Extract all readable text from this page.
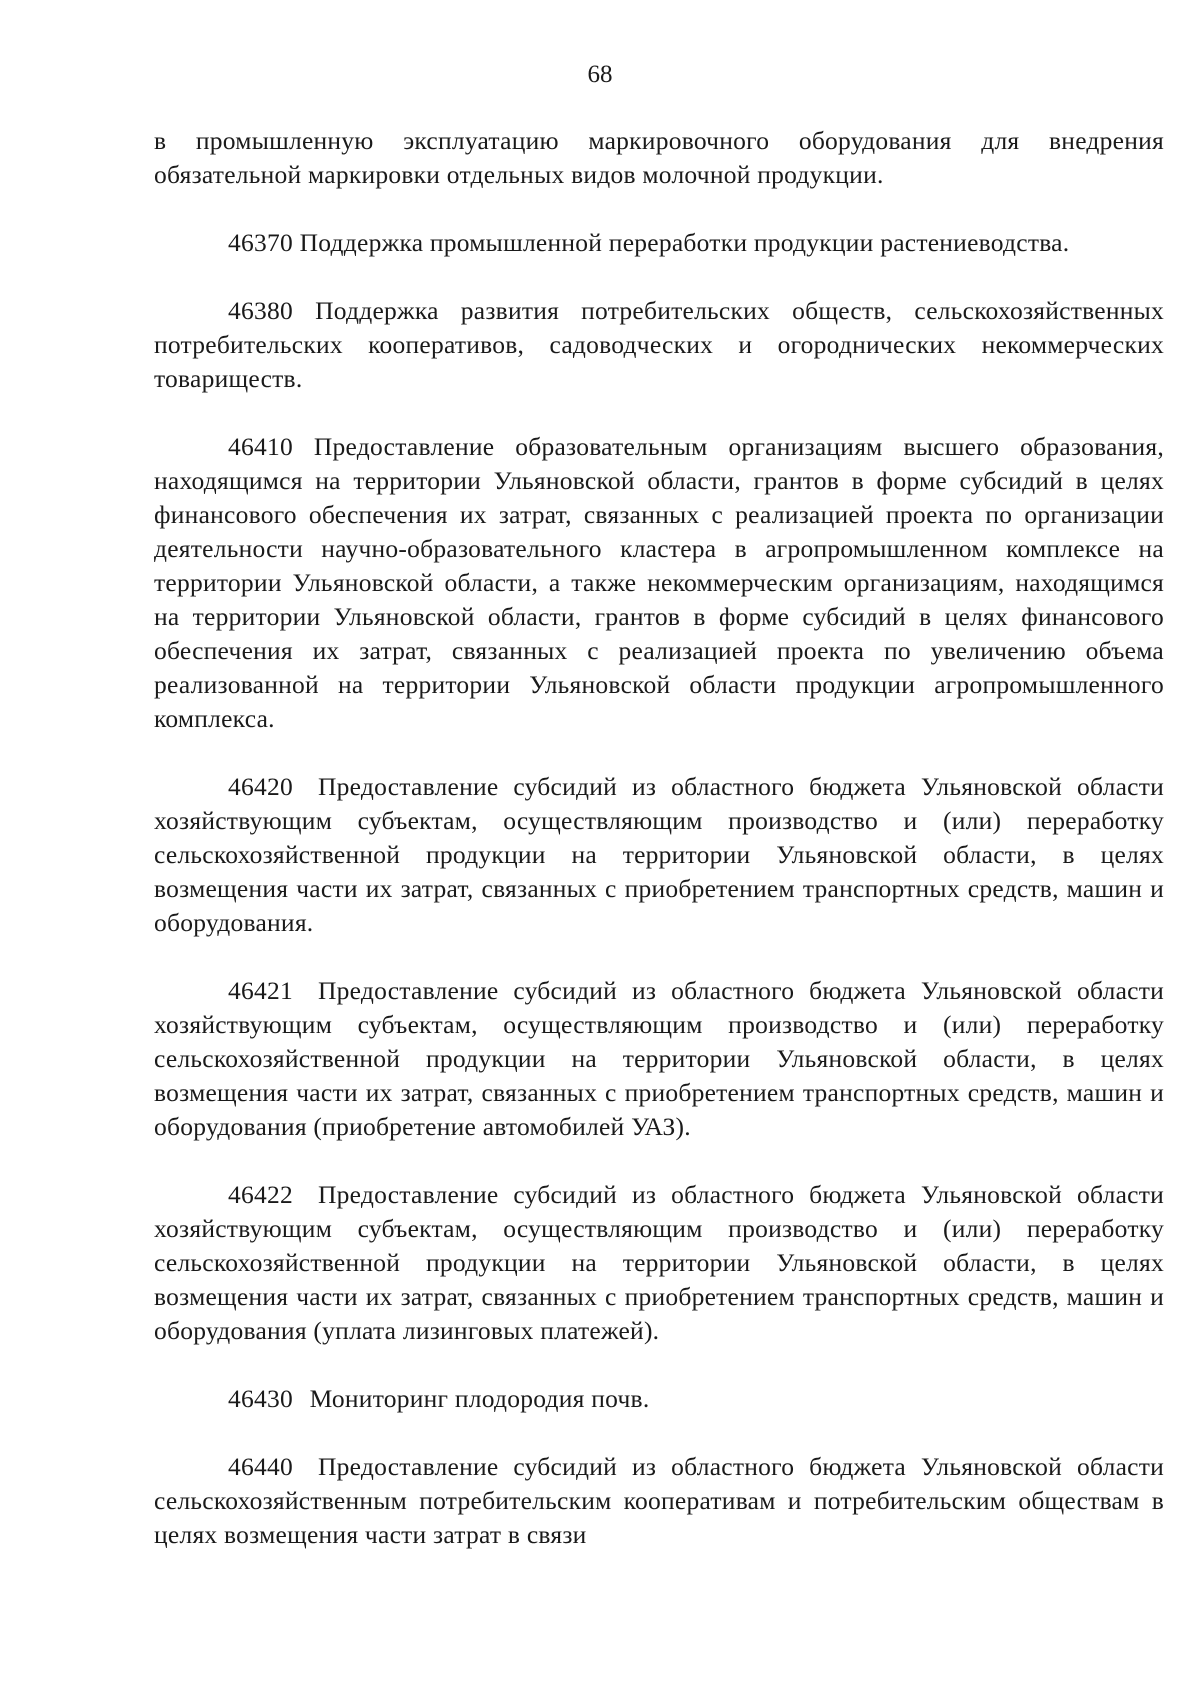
68

в промышленную эксплуатацию маркировочного оборудования для внедрения обязательной маркировки отдельных видов молочной продукции.

46370 Поддержка промышленной переработки продукции растениеводства.

46380 Поддержка развития потребительских обществ, сельскохозяйственных потребительских кооперативов, садоводческих и огороднических некоммерческих товариществ.

46410 Предоставление образовательным организациям высшего образования, находящимся на территории Ульяновской области, грантов в форме субсидий в целях финансового обеспечения их затрат, связанных с реализацией проекта по организации деятельности научно-образовательного кластера в агропромышленном комплексе на территории Ульяновской области, а также некоммерческим организациям, находящимся на территории Ульяновской области, грантов в форме субсидий в целях финансового обеспечения их затрат, связанных с реализацией проекта по увеличению объема реализованной на территории Ульяновской области продукции агропромышленного комплекса.

46420 Предоставление субсидий из областного бюджета Ульяновской области хозяйствующим субъектам, осуществляющим производство и (или) переработку сельскохозяйственной продукции на территории Ульяновской области, в целях возмещения части их затрат, связанных с приобретением транспортных средств, машин и оборудования.

46421 Предоставление субсидий из областного бюджета Ульяновской области хозяйствующим субъектам, осуществляющим производство и (или) переработку сельскохозяйственной продукции на территории Ульяновской области, в целях возмещения части их затрат, связанных с приобретением транспортных средств, машин и оборудования (приобретение автомобилей УАЗ).

46422 Предоставление субсидий из областного бюджета Ульяновской области хозяйствующим субъектам, осуществляющим производство и (или) переработку сельскохозяйственной продукции на территории Ульяновской области, в целях возмещения части их затрат, связанных с приобретением транспортных средств, машин и оборудования (уплата лизинговых платежей).

46430 Мониторинг плодородия почв.

46440 Предоставление субсидий из областного бюджета Ульяновской области сельскохозяйственным потребительским кооперативам и потребительским обществам в целях возмещения части затрат в связи
